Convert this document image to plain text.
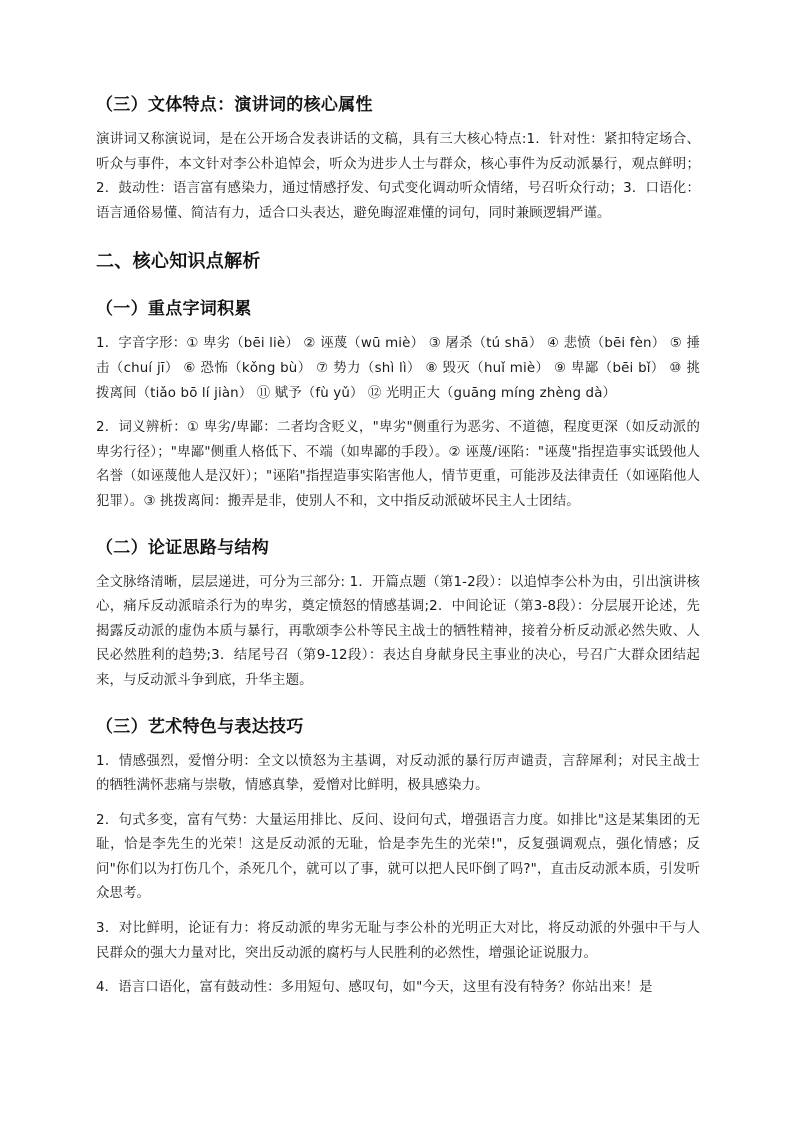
（三）文体特点：演讲词的核心属性

演讲词又称演说词，是在公开场合发表讲话的文稿，具有三大核心特点:1．针对性：紧扣特定场合、听众与事件，本文针对李公朴追悼会，听众为进步人士与群众，核心事件为反动派暴行，观点鲜明；2．鼓动性：语言富有感染力，通过情感抒发、句式变化调动听众情绪，号召听众行动；3．口语化：语言通俗易懂、简洁有力，适合口头表达，避免晦涩难懂的词句，同时兼顾逻辑严谨。

二、核心知识点解析
（一）重点字词积累

1．字音字形：① 卑劣（bēi liè） ② 诬蔑（wū miè） ③ 屠杀（tú shā） ④ 悲愤（bēi fèn） ⑤ 捶击（chuí jī） ⑥ 恐怖（kǒng bù） ⑦ 势力（shì lì） ⑧ 毁灭（huǐ miè） ⑨ 卑鄙（bēi bǐ） ⑩ 挑拨离间（tiǎo bō lí jiàn） ⑪ 赋予（fù yǔ） ⑫ 光明正大（guāng míng zhèng dà）

2．词义辨析：① 卑劣/卑鄙：二者均含贬义，"卑劣"侧重行为恶劣、不道德，程度更深（如反动派的卑劣行径）；"卑鄙"侧重人格低下、不端（如卑鄙的手段）。② 诬蔑/诬陷："诬蔑"指捏造事实诋毁他人名誉（如诬蔑他人是汉奸）；"诬陷"指捏造事实陷害他人，情节更重，可能涉及法律责任（如诬陷他人犯罪）。③ 挑拨离间：搬弄是非，使别人不和，文中指反动派破坏民主人士团结。

（二）论证思路与结构

全文脉络清晰，层层递进，可分为三部分: 1．开篇点题（第1-2段）：以追悼李公朴为由，引出演讲核心，痛斥反动派暗杀行为的卑劣，奠定愤怒的情感基调;2．中间论证（第3-8段）：分层展开论述，先揭露反动派的虚伪本质与暴行，再歌颂李公朴等民主战士的牺牲精神，接着分析反动派必然失败、人民必然胜利的趋势;3．结尾号召（第9-12段）：表达自身献身民主事业的决心，号召广大群众团结起来，与反动派斗争到底，升华主题。

（三）艺术特色与表达技巧

1．情感强烈，爱憎分明：全文以愤怒为主基调，对反动派的暴行厉声谴责，言辞犀利；对民主战士的牺牲满怀悲痛与崇敬，情感真挚，爱憎对比鲜明，极具感染力。

2．句式多变，富有气势：大量运用排比、反问、设问句式，增强语言力度。如排比"这是某集团的无耻，恰是李先生的光荣！这是反动派的无耻，恰是李先生的光荣!"，反复强调观点，强化情感；反问"你们以为打伤几个，杀死几个，就可以了事，就可以把人民吓倒了吗?"，直击反动派本质，引发听众思考。

3．对比鲜明，论证有力：将反动派的卑劣无耻与李公朴的光明正大对比，将反动派的外强中干与人民群众的强大力量对比，突出反动派的腐朽与人民胜利的必然性，增强论证说服力。

4．语言口语化，富有鼓动性：多用短句、感叹句，如"今天，这里有没有特务？你站出来！是
